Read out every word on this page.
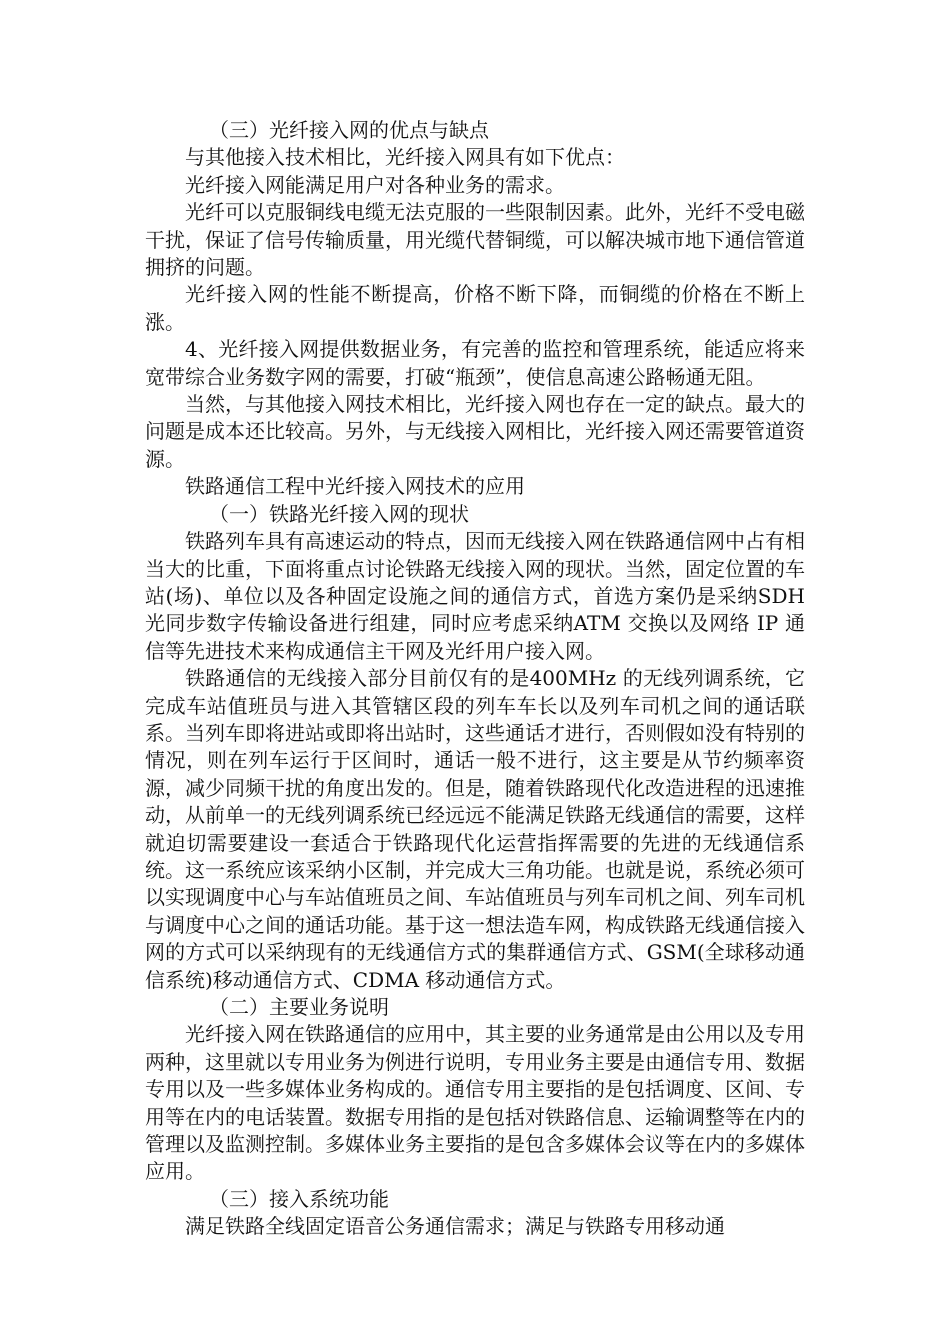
（三）光纤接入网的优点与缺点

与其他接入技术相比，光纤接入网具有如下优点：

光纤接入网能满足用户对各种业务的需求。

光纤可以克服铜线电缆无法克服的一些限制因素。此外，光纤不受电磁干扰，保证了信号传输质量，用光缆代替铜缆，可以解决城市地下通信管道拥挤的问题。

光纤接入网的性能不断提高，价格不断下降，而铜缆的价格在不断上涨。

4、光纤接入网提供数据业务，有完善的监控和管理系统，能适应将来宽带综合业务数字网的需要，打破“瓶颈”，使信息高速公路畅通无阻。

当然，与其他接入网技术相比，光纤接入网也存在一定的缺点。最大的问题是成本还比较高。另外，与无线接入网相比，光纤接入网还需要管道资源。

铁路通信工程中光纤接入网技术的应用

（一）铁路光纤接入网的现状

铁路列车具有高速运动的特点，因而无线接入网在铁路通信网中占有相当大的比重，下面将重点讨论铁路无线接入网的现状。当然，固定位置的车站(场)、单位以及各种固定设施之间的通信方式，首选方案仍是采纳SDH 光同步数字传输设备进行组建，同时应考虑采纳ATM 交换以及网络 IP 通信等先进技术来构成通信主干网及光纤用户接入网。

铁路通信的无线接入部分目前仅有的是400MHz 的无线列调系统，它完成车站值班员与进入其管辖区段的列车车长以及列车司机之间的通话联系。当列车即将进站或即将出站时，这些通话才进行，否则假如没有特别的情况，则在列车运行于区间时，通话一般不进行，这主要是从节约频率资源，减少同频干扰的角度出发的。但是，随着铁路现代化改造进程的迅速推动，从前单一的无线列调系统已经远远不能满足铁路无线通信的需要，这样就迫切需要建设一套适合于铁路现代化运营指挥需要的先进的无线通信系统。这一系统应该采纳小区制，并完成大三角功能。也就是说，系统必须可以实现调度中心与车站值班员之间、车站值班员与列车司机之间、列车司机与调度中心之间的通话功能。基于这一想法造车网，构成铁路无线通信接入网的方式可以采纳现有的无线通信方式的集群通信方式、GSM(全球移动通信系统)移动通信方式、CDMA 移动通信方式。

（二）主要业务说明

光纤接入网在铁路通信的应用中，其主要的业务通常是由公用以及专用两种，这里就以专用业务为例进行说明，专用业务主要是由通信专用、数据专用以及一些多媒体业务构成的。通信专用主要指的是包括调度、区间、专用等在内的电话装置。数据专用指的是包括对铁路信息、运输调整等在内的管理以及监测控制。多媒体业务主要指的是包含多媒体会议等在内的多媒体应用。

（三）接入系统功能

满足铁路全线固定语音公务通信需求；满足与铁路专用移动通
